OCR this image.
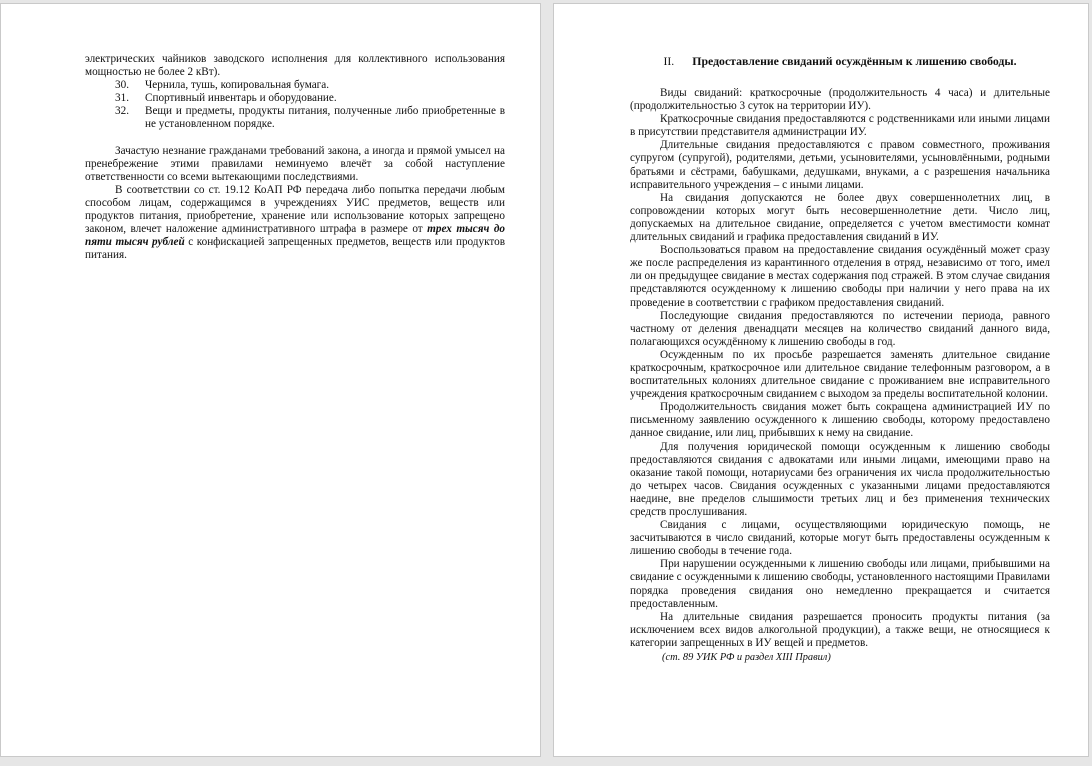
электрических чайников заводского исполнения для коллективного использования мощностью не более 2 кВт).

30.	Чернила, тушь, копировальная бумага.
31.	Спортивный инвентарь и оборудование.
32.	Вещи и предметы, продукты питания, полученные либо приобретенные в не установленном порядке.

Зачастую незнание гражданами требований закона, а иногда и прямой умысел на пренебрежение этими правилами неминуемо влечёт за собой наступление ответственности со всеми вытекающими последствиями.

В соответствии со ст. 19.12 КоАП РФ передача либо попытка передачи любым способом лицам, содержащимся в учреждениях УИС предметов, веществ или продуктов питания, приобретение, хранение или использование которых запрещено законом, влечет наложение административного штрафа в размере от трех тысяч до пяти тысяч рублей с конфискацией запрещенных предметов, веществ или продуктов питания.

II. Предоставление свиданий осуждённым к лишению свободы.

Виды свиданий: краткосрочные (продолжительность 4 часа) и длительные (продолжительностью 3 суток на территории ИУ).

Краткосрочные свидания предоставляются с родственниками или иными лицами в присутствии представителя администрации ИУ.

Длительные свидания предоставляются с правом совместного, проживания супругом (супругой), родителями, детьми, усыновителями, усыновлёнными, родными братьями и сёстрами, бабушками, дедушками, внуками, а с разрешения начальника исправительного учреждения – с иными лицами.

На свидания допускаются не более двух совершеннолетних лиц, в сопровождении которых могут быть несовершеннолетние дети. Число лиц, допускаемых на длительное свидание, определяется с учетом вместимости комнат длительных свиданий и графика предоставления свиданий в ИУ.

Воспользоваться правом на предоставление свидания осуждённый может сразу же после распределения из карантинного отделения в отряд, независимо от того, имел ли он предыдущее свидание в местах содержания под стражей. В этом случае свидания представляются осужденному к лишению свободы при наличии у него права на их проведение в соответствии с графиком предоставления свиданий.

Последующие свидания предоставляются по истечении периода, равного частному от деления двенадцати месяцев на количество свиданий данного вида, полагающихся осуждённому к лишению свободы в год.

Осужденным по их просьбе разрешается заменять длительное свидание краткосрочным, краткосрочное или длительное свидание телефонным разговором, а в воспитательных колониях длительное свидание с проживанием вне исправительного учреждения краткосрочным свиданием с выходом за пределы воспитательной колонии.

Продолжительность свидания может быть сокращена администрацией ИУ по письменному заявлению осужденного к лишению свободы, которому предоставлено данное свидание, или лиц, прибывших к нему на свидание.

Для получения юридической помощи осужденным к лишению свободы предоставляются свидания с адвокатами или иными лицами, имеющими право на оказание такой помощи, нотариусами без ограничения их числа продолжительностью до четырех часов. Свидания осужденных с указанными лицами предоставляются наедине, вне пределов слышимости третьих лиц и без применения технических средств прослушивания.

Свидания с лицами, осуществляющими юридическую помощь, не засчитываются в число свиданий, которые могут быть предоставлены осужденным к лишению свободы в течение года.

При нарушении осужденными к лишению свободы или лицами, прибывшими на свидание с осужденными к лишению свободы, установленного настоящими Правилами порядка проведения свидания оно немедленно прекращается и считается предоставленным.

На длительные свидания разрешается проносить продукты питания (за исключением всех видов алкогольной продукции), а также вещи, не относящиеся к категории запрещенных в ИУ вещей и предметов.

(ст. 89 УИК РФ и раздел XIII Правил)
